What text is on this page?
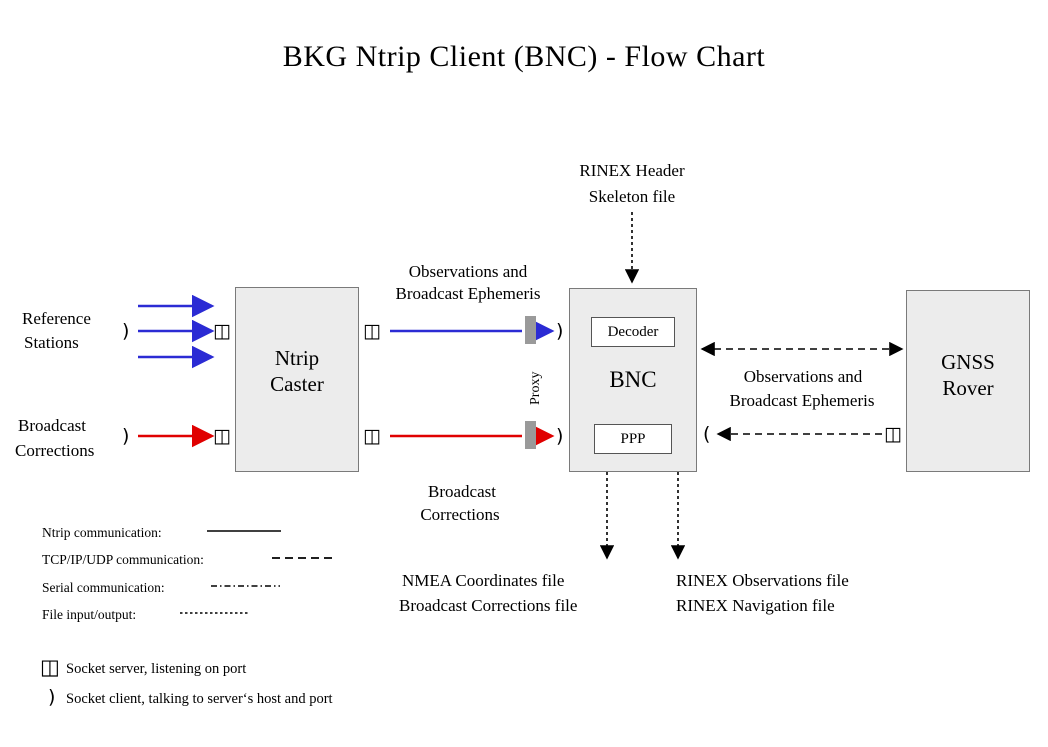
BKG Ntrip Client (BNC) - Flow Chart
Ntrip
Caster	BNC
Decoder
PPP
GNSS
Rover
Reference
Stations
Broadcast
Corrections
Observations and
Broadcast Ephemeris
Broadcast
Corrections
RINEX Header
Skeleton file
Observations and
Broadcast Ephemeris
NMEA Coordinates file
Broadcast Corrections file
RINEX Observations file
RINEX Navigation file
Proxy
)	◫
)	◫
◫
◫
)
)	(	◫
Ntrip communication:
TCP/IP/UDP communication:
Serial communication:
File input/output:
◫ Socket server, listening on port
) Socket client, talking to server‘s host and port
